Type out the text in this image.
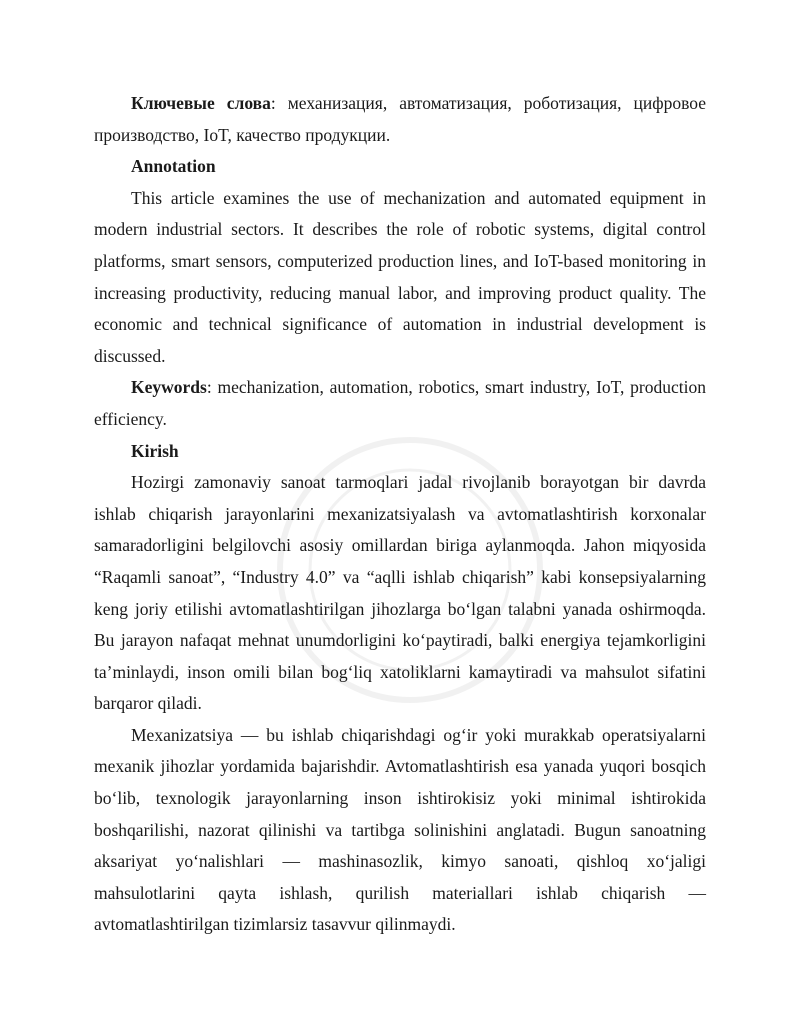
Ключевые слова: механизация, автоматизация, роботизация, цифровое производство, IoT, качество продукции.

Annotation

This article examines the use of mechanization and automated equipment in modern industrial sectors. It describes the role of robotic systems, digital control platforms, smart sensors, computerized production lines, and IoT-based monitoring in increasing productivity, reducing manual labor, and improving product quality. The economic and technical significance of automation in industrial development is discussed.

Keywords: mechanization, automation, robotics, smart industry, IoT, production efficiency.

Kirish

Hozirgi zamonaviy sanoat tarmoqlari jadal rivojlanib borayotgan bir davrda ishlab chiqarish jarayonlarini mexanizatsiyalash va avtomatlashtirish korxonalar samaradorligini belgilovchi asosiy omillardan biriga aylanmoqda. Jahon miqyosida “Raqamli sanoat”, “Industry 4.0” va “aqlli ishlab chiqarish” kabi konsepsiyalarning keng joriy etilishi avtomatlashtirilgan jihozlarga bo‘lgan talabni yanada oshirmoqda. Bu jarayon nafaqat mehnat unumdorligini ko‘paytiradi, balki energiya tejamkorligini ta’minlaydi, inson omili bilan bog‘liq xatoliklarni kamaytiradi va mahsulot sifatini barqaror qiladi.

Mexanizatsiya — bu ishlab chiqarishdagi og‘ir yoki murakkab operatsiyalarni mexanik jihozlar yordamida bajarishdir. Avtomatlashtirish esa yanada yuqori bosqich bo‘lib, texnologik jarayonlarning inson ishtirokisiz yoki minimal ishtirokida boshqarilishi, nazorat qilinishi va tartibga solinishini anglatadi. Bugun sanoatning aksariyat yo‘nalishlari — mashinasozlik, kimyo sanoati, qishloq xo‘jaligi mahsulotlarini qayta ishlash, qurilish materiallari ishlab chiqarish — avtomatlashtirilgan tizimlarsiz tasavvur qilinmaydi.
